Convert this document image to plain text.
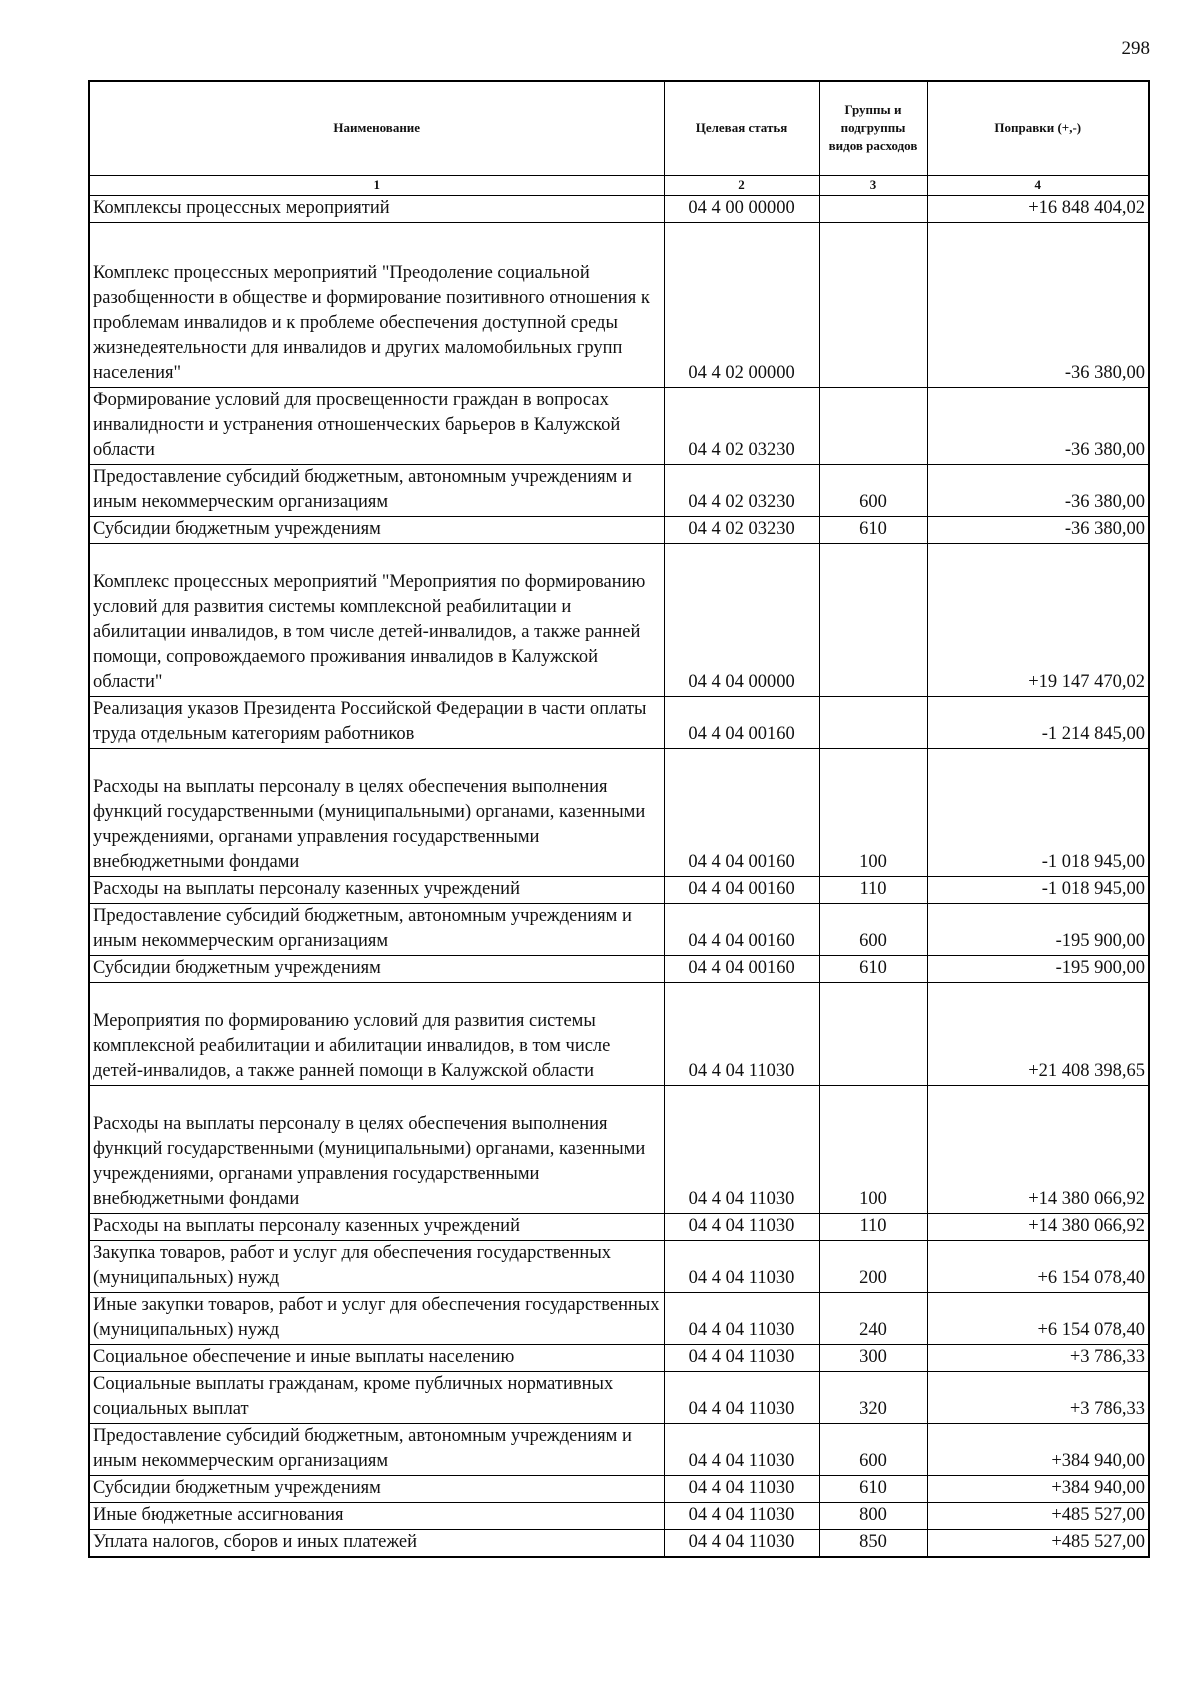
298
Наименование	Целевая статья	Группы и подгруппы видов расходов	Поправки (+,-)
1	2	3	4
Комплексы процессных мероприятий	04 4 00 00000		+16 848 404,02
Комплекс процессных мероприятий "Преодоление социальной разобщенности в обществе и формирование позитивного отношения к проблемам инвалидов и к проблеме обеспечения доступной среды жизнедеятельности для инвалидов и других маломобильных групп населения"	04 4 02 00000		-36 380,00
Формирование условий для просвещенности граждан в вопросах инвалидности и устранения отношенческих барьеров в Калужской области	04 4 02 03230		-36 380,00
Предоставление субсидий бюджетным, автономным учреждениям и иным некоммерческим организациям	04 4 02 03230	600	-36 380,00
Субсидии бюджетным учреждениям	04 4 02 03230	610	-36 380,00
Комплекс процессных мероприятий "Мероприятия по формированию условий для развития системы комплексной реабилитации и абилитации инвалидов, в том числе детей-инвалидов, а также ранней помощи, сопровождаемого проживания инвалидов в Калужской области"	04 4 04 00000		+19 147 470,02
Реализация указов Президента Российской Федерации в части оплаты труда отдельным категориям работников	04 4 04 00160		-1 214 845,00
Расходы на выплаты персоналу в целях обеспечения выполнения функций государственными (муниципальными) органами, казенными учреждениями, органами управления государственными внебюджетными фондами	04 4 04 00160	100	-1 018 945,00
Расходы на выплаты персоналу казенных учреждений	04 4 04 00160	110	-1 018 945,00
Предоставление субсидий бюджетным, автономным учреждениям и иным некоммерческим организациям	04 4 04 00160	600	-195 900,00
Субсидии бюджетным учреждениям	04 4 04 00160	610	-195 900,00
Мероприятия по формированию условий для развития системы комплексной реабилитации и абилитации инвалидов, в том числе детей-инвалидов, а также ранней помощи в Калужской области	04 4 04 11030		+21 408 398,65
Расходы на выплаты персоналу в целях обеспечения выполнения функций государственными (муниципальными) органами, казенными учреждениями, органами управления государственными внебюджетными фондами	04 4 04 11030	100	+14 380 066,92
Расходы на выплаты персоналу казенных учреждений	04 4 04 11030	110	+14 380 066,92
Закупка товаров, работ и услуг для обеспечения государственных (муниципальных) нужд	04 4 04 11030	200	+6 154 078,40
Иные закупки товаров, работ и услуг для обеспечения государственных (муниципальных) нужд	04 4 04 11030	240	+6 154 078,40
Социальное обеспечение и иные выплаты населению	04 4 04 11030	300	+3 786,33
Социальные выплаты гражданам, кроме публичных нормативных социальных выплат	04 4 04 11030	320	+3 786,33
Предоставление субсидий бюджетным, автономным учреждениям и иным некоммерческим организациям	04 4 04 11030	600	+384 940,00
Субсидии бюджетным учреждениям	04 4 04 11030	610	+384 940,00
Иные бюджетные ассигнования	04 4 04 11030	800	+485 527,00
Уплата налогов, сборов и иных платежей	04 4 04 11030	850	+485 527,00
